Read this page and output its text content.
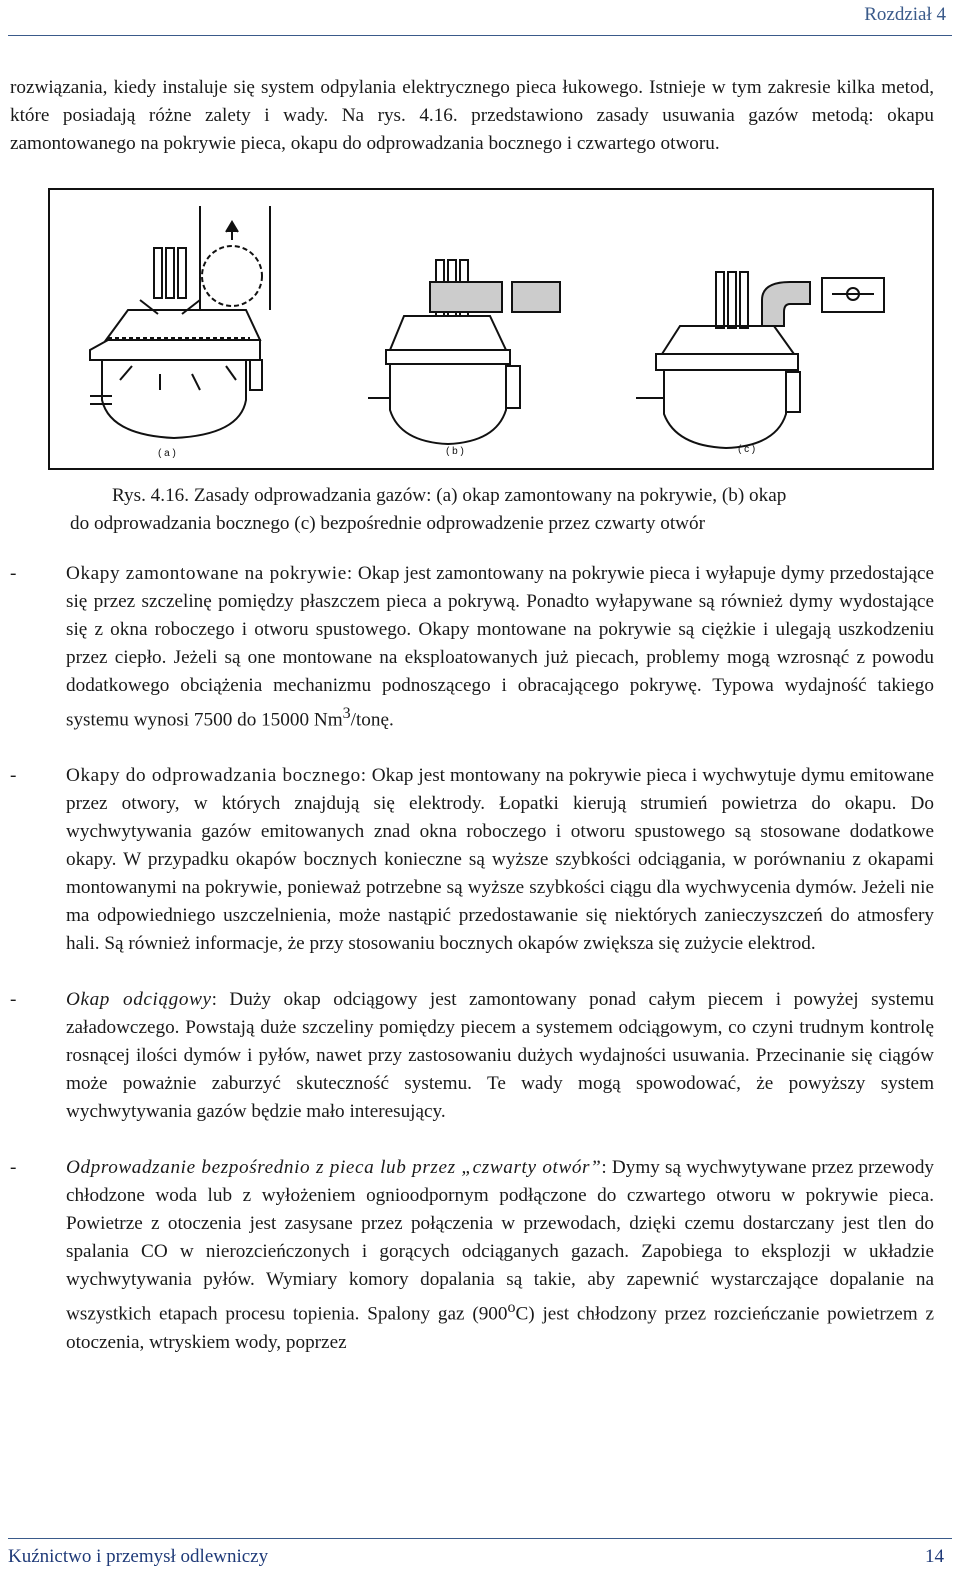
Rozdział 4

rozwiązania, kiedy instaluje się system odpylania elektrycznego pieca łukowego. Istnieje w tym zakresie kilka metod, które posiadają różne zalety i wady. Na rys. 4.16. przedstawiono zasady usuwania gazów metodą: okapu zamontowanego na pokrywie pieca, okapu do odprowadzania bocznego i czwartego otworu.

( a )	( b )	( c )
Rys. 4.16. Zasady odprowadzania gazów: (a) okap zamontowany na pokrywie, (b) okap
do odprowadzania bocznego (c) bezpośrednie odprowadzenie przez czwarty otwór
-	Okapy zamontowane na pokrywie: Okap jest zamontowany na pokrywie pieca i wyłapuje dymy przedostające się przez szczelinę pomiędzy płaszczem pieca a pokrywą. Ponadto wyłapywane są również dymy wydostające się z okna roboczego i otworu spustowego. Okapy montowane na pokrywie są ciężkie i ulegają uszkodzeniu przez ciepło. Jeżeli są one montowane na eksploatowanych już piecach, problemy mogą wzrosnąć z powodu dodatkowego obciążenia mechanizmu podnoszącego i obracającego pokrywę. Typowa wydajność takiego systemu wynosi 7500 do 15000 Nm$^3$/tonę.

-	Okapy do odprowadzania bocznego: Okap jest montowany na pokrywie pieca i wychwytuje dymu emitowane przez otwory, w których znajdują się elektrody. Łopatki kierują strumień powietrza do okapu. Do wychwytywania gazów emitowanych znad okna roboczego i otworu spustowego są stosowane dodatkowe okapy. W przypadku okapów bocznych konieczne są wyższe szybkości odciągania, w porównaniu z okapami montowanymi na pokrywie, ponieważ potrzebne są wyższe szybkości ciągu dla wychwycenia dymów. Jeżeli nie ma odpowiedniego uszczelnienia, może nastąpić przedostawanie się niektórych zanieczyszczeń do atmosfery hali. Są również informacje, że przy stosowaniu bocznych okapów zwiększa się zużycie elektrod.

-	Okap odciągowy: Duży okap odciągowy jest zamontowany ponad całym piecem i powyżej systemu załadowczego. Powstają duże szczeliny pomiędzy piecem a systemem odciągowym, co czyni trudnym kontrolę rosnącej ilości dymów i pyłów, nawet przy zastosowaniu dużych wydajności usuwania. Przecinanie się ciągów może poważnie zaburzyć skuteczność systemu. Te wady mogą spowodować, że powyższy system wychwytywania gazów będzie mało interesujący.

-	Odprowadzanie bezpośrednio z pieca lub przez „czwarty otwór”: Dymy są wychwytywane przez przewody chłodzone woda lub z wyłożeniem ognioodpornym podłączone do czwartego otworu w pokrywie pieca. Powietrze z otoczenia jest zasysane przez połączenia w przewodach, dzięki czemu dostarczany jest tlen do spalania CO w nierozcieńczonych i gorących odciąganych gazach. Zapobiega to eksplozji w układzie wychwytywania pyłów. Wymiary komory dopalania są takie, aby zapewnić wystarczające dopalanie na wszystkich etapach procesu topienia. Spalony gaz (900$^o$C) jest chłodzony przez rozcieńczanie powietrzem z otoczenia, wtryskiem wody, poprzez

Kuźnictwo i przemysł odlewniczy	14
